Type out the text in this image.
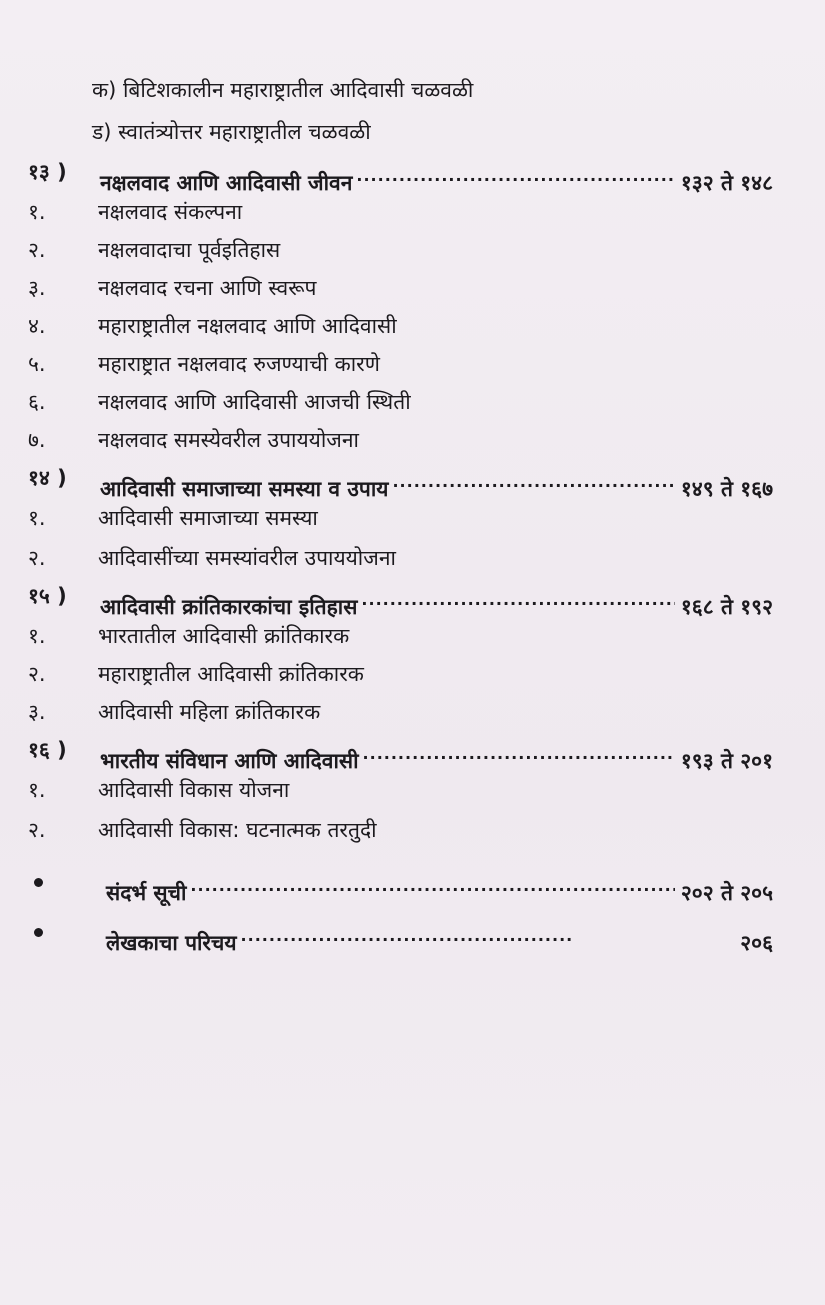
क) बिटिशकालीन महाराष्ट्रातील आदिवासी चळवळी
ड) स्वातंत्र्योत्तर महाराष्ट्रातील चळवळी
१३ ) नक्षलवाद आणि आदिवासी जीवन .....	१३२ ते १४८
१. नक्षलवाद संकल्पना
२. नक्षलवादाचा पूर्वइतिहास
३. नक्षलवाद रचना आणि स्वरूप
४. महाराष्ट्रातील नक्षलवाद आणि आदिवासी
५. महाराष्ट्रात नक्षलवाद रुजण्याची कारणे
६. नक्षलवाद आणि आदिवासी आजची स्थिती
७. नक्षलवाद समस्येवरील उपाययोजना
१४ ) आदिवासी समाजाच्या समस्या व उपाय .....	१४९ ते १६७
१. आदिवासी समाजाच्या समस्या
२. आदिवासींच्या समस्यांवरील उपाययोजना
१५ ) आदिवासी क्रांतिकारकांचा इतिहास .....	१६८ ते १९२
१. भारतातील आदिवासी क्रांतिकारक
२. महाराष्ट्रातील आदिवासी क्रांतिकारक
३. आदिवासी महिला क्रांतिकारक
१६ ) भारतीय संविधान आणि आदिवासी .....	१९३ ते २०१
१. आदिवासी विकास योजना
२. आदिवासी विकास: घटनात्मक तरतुदी
संदर्भ सूची .....	२०२ ते २०५
लेखकाचा परिचय .....	२०६
